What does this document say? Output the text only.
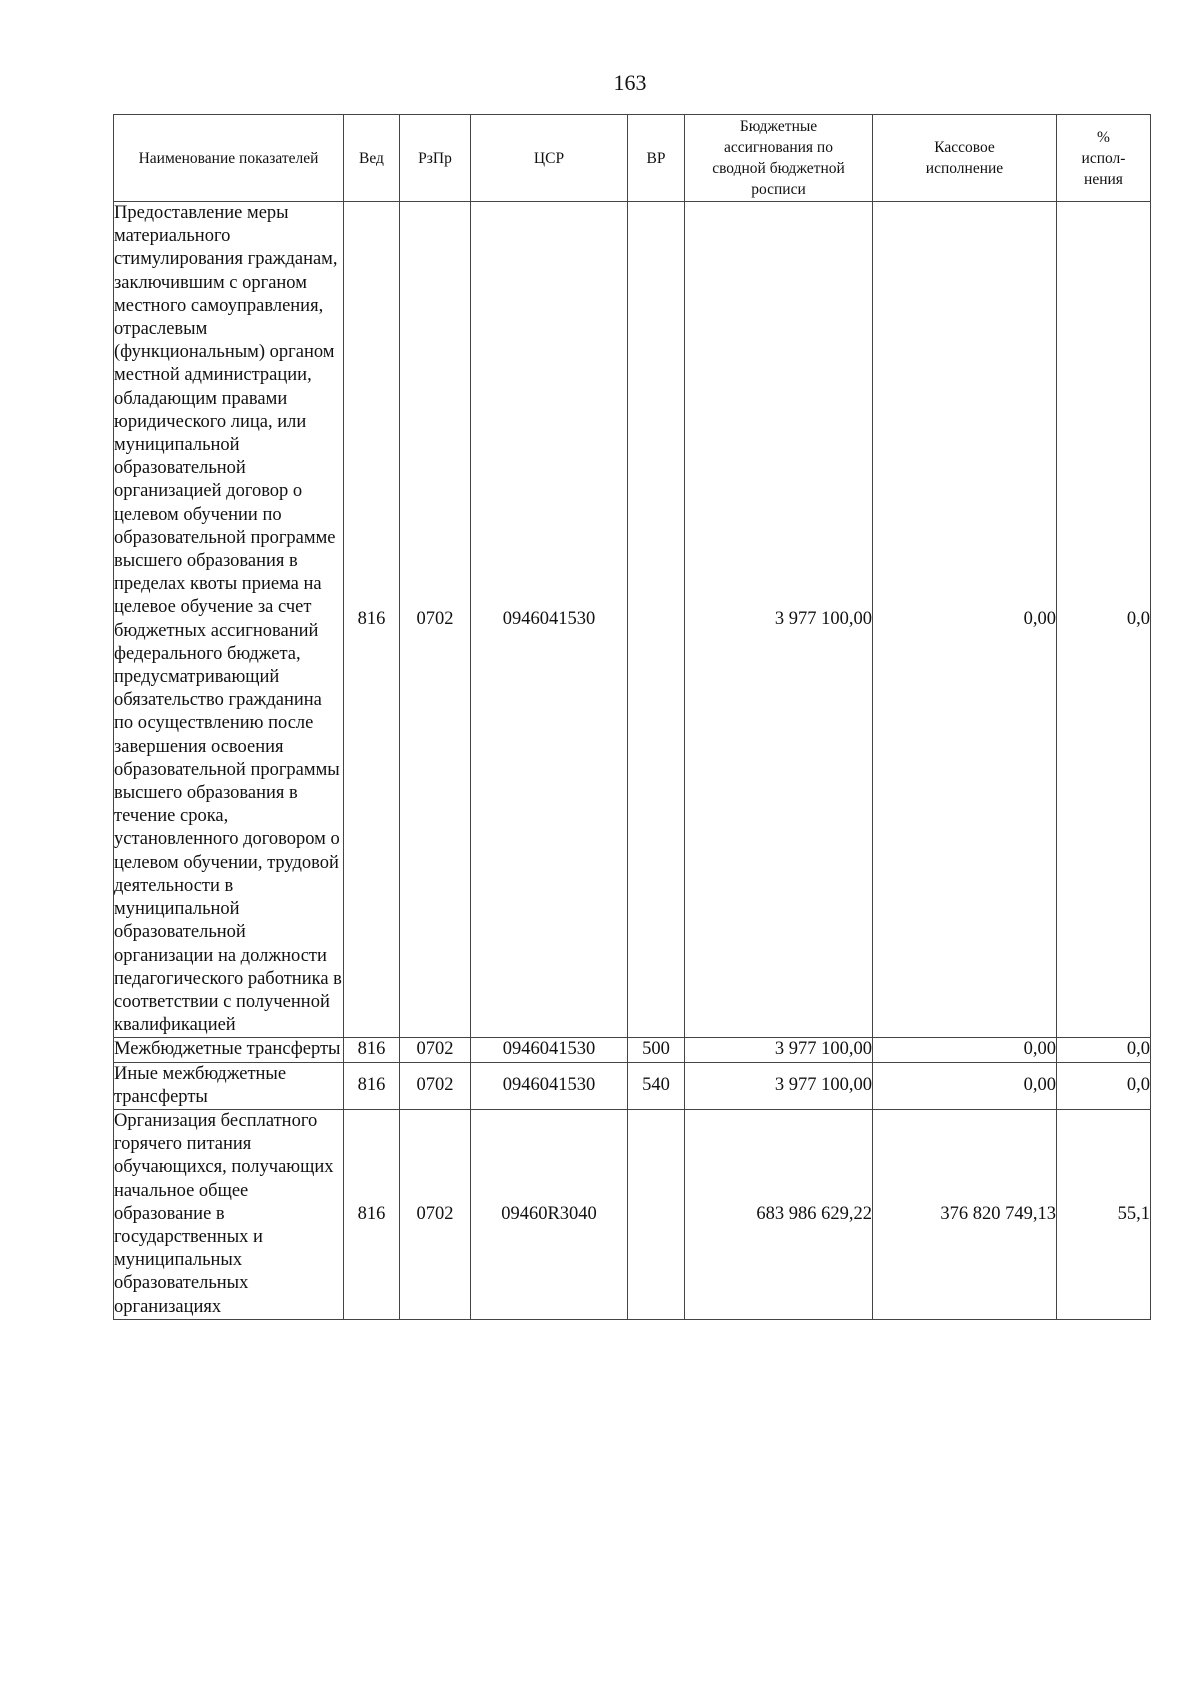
163
Наименование показателей	Вед	РзПр	ЦСР	ВР	Бюджетные ассигнования по сводной бюджетной росписи	Кассовое исполнение	% испол-нения
Предоставление меры материального стимулирования гражданам, заключившим с органом местного самоуправления, отраслевым (функциональным) органом местной администрации, обладающим правами юридического лица, или муниципальной образовательной организацией договор о целевом обучении по образовательной программе высшего образования в пределах квоты приема на целевое обучение за счет бюджетных ассигнований федерального бюджета, предусматривающий обязательство гражданина по осуществлению после завершения освоения образовательной программы высшего образования в течение срока, установленного договором о целевом обучении, трудовой деятельности в муниципальной образовательной организации на должности педагогического работника в соответствии с полученной квалификацией	816	0702	0946041530		3 977 100,00	0,00	0,0
Межбюджетные трансферты	816	0702	0946041530	500	3 977 100,00	0,00	0,0
Иные межбюджетные трансферты	816	0702	0946041530	540	3 977 100,00	0,00	0,0
Организация бесплатного горячего питания обучающихся, получающих начальное общее образование в государственных и муниципальных образовательных организациях	816	0702	09460R3040		683 986 629,22	376 820 749,13	55,1
